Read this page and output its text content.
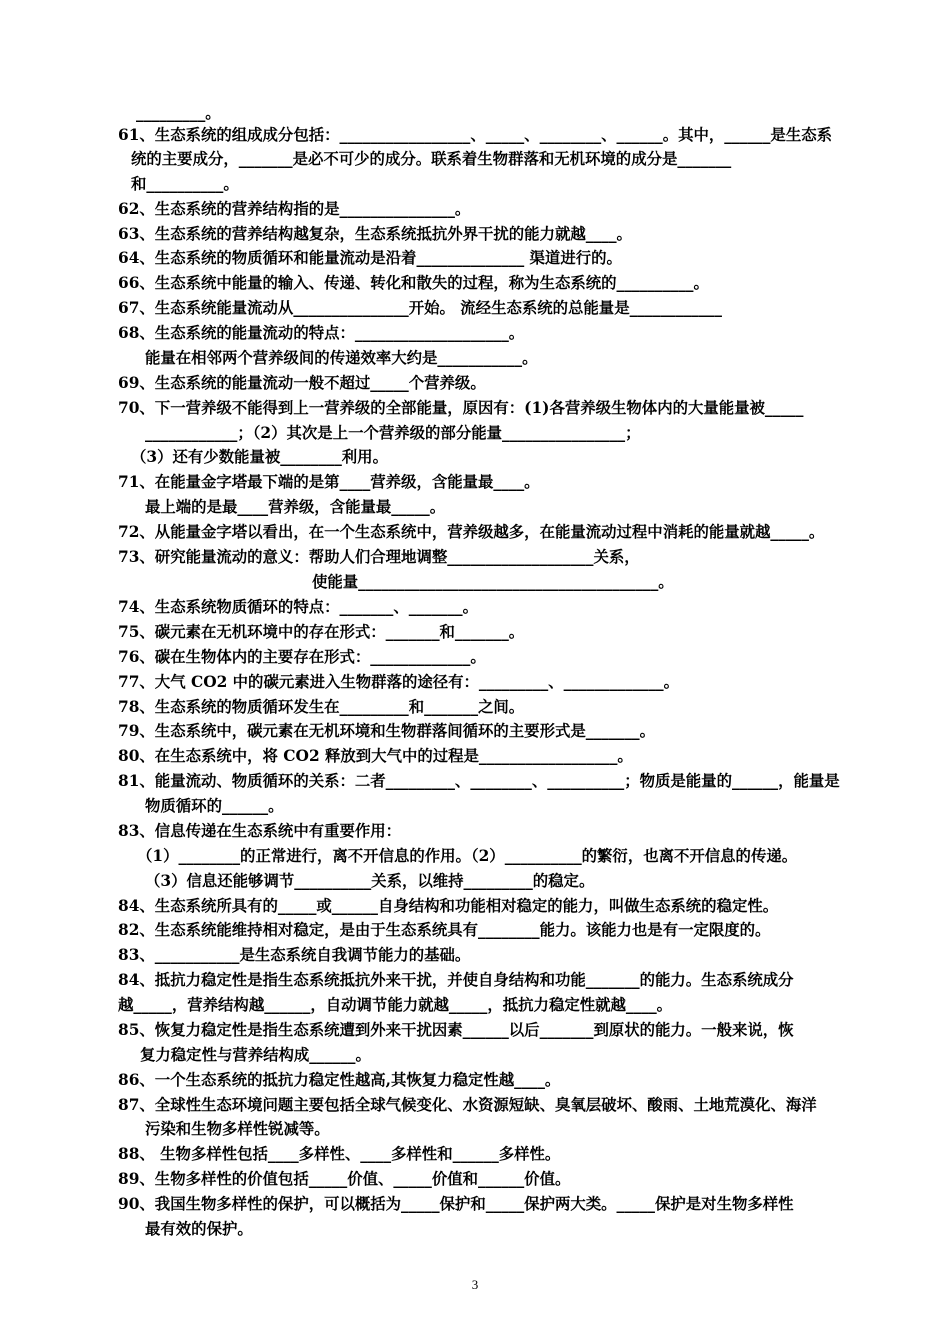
_________。
61、生态系统的组成成分包括：_________________、_____、________、______。其中，______是生态系
统的主要成分，_______是必不可少的成分。联系着生物群落和无机环境的成分是_______
和__________。
62、生态系统的营养结构指的是_______________。
63、生态系统的营养结构越复杂，生态系统抵抗外界干扰的能力就越____。
64、生态系统的物质循环和能量流动是沿着______________ 渠道进行的。
66、生态系统中能量的输入、传递、转化和散失的过程，称为生态系统的__________。
67、生态系统能量流动从_______________开始。 流经生态系统的总能量是____________
68、生态系统的能量流动的特点：____________________。
能量在相邻两个营养级间的传递效率大约是___________。
69、生态系统的能量流动一般不超过_____个营养级。
70、下一营养级不能得到上一营养级的全部能量，原因有：(1)各营养级生物体内的大量能量被_____
____________；（2）其次是上一个营养级的部分能量________________；
（3）还有少数能量被________利用。
71、在能量金字塔最下端的是第____营养级，含能量最____。
最上端的是最____营养级，含能量最_____。
72、从能量金字塔以看出，在一个生态系统中，营养级越多，在能量流动过程中消耗的能量就越_____。
73、研究能量流动的意义：帮助人们合理地调整___________________关系，
使能量_______________________________________。
74、生态系统物质循环的特点：_______、_______。
75、碳元素在无机环境中的存在形式：_______和_______。
76、碳在生物体内的主要存在形式：_____________。
77、大气 CO2 中的碳元素进入生物群落的途径有：_________、_____________。
78、生态系统的物质循环发生在_________和_______之间。
79、生态系统中，碳元素在无机环境和生物群落间循环的主要形式是_______。
80、在生态系统中，将 CO2 释放到大气中的过程是__________________。
81、能量流动、物质循环的关系：二者_________、________、__________；物质是能量的______，能量是
物质循环的______。
83、信息传递在生态系统中有重要作用：
（1）________的正常进行，离不开信息的作用。（2）__________的繁衍，也离不开信息的传递。
（3）信息还能够调节__________关系，以维持_________的稳定。
84、生态系统所具有的_____或______自身结构和功能相对稳定的能力，叫做生态系统的稳定性。
82、生态系统能维持相对稳定，是由于生态系统具有________能力。该能力也是有一定限度的。
83、___________是生态系统自我调节能力的基础。
84、抵抗力稳定性是指生态系统抵抗外来干扰，并使自身结构和功能_______的能力。生态系统成分
越_____，营养结构越______，自动调节能力就越_____，抵抗力稳定性就越____。
85、恢复力稳定性是指生态系统遭到外来干扰因素______以后_______到原状的能力。一般来说，恢
复力稳定性与营养结构成______。
86、一个生态系统的抵抗力稳定性越高,其恢复力稳定性越____。
87、全球性生态环境问题主要包括全球气候变化、水资源短缺、臭氧层破坏、酸雨、土地荒漠化、海洋
污染和生物多样性锐减等。
88、 生物多样性包括____多样性、____多样性和______多样性。
89、生物多样性的价值包括_____价值、_____价值和______价值。
90、我国生物多样性的保护，可以概括为_____保护和_____保护两大类。_____保护是对生物多样性
最有效的保护。
3
